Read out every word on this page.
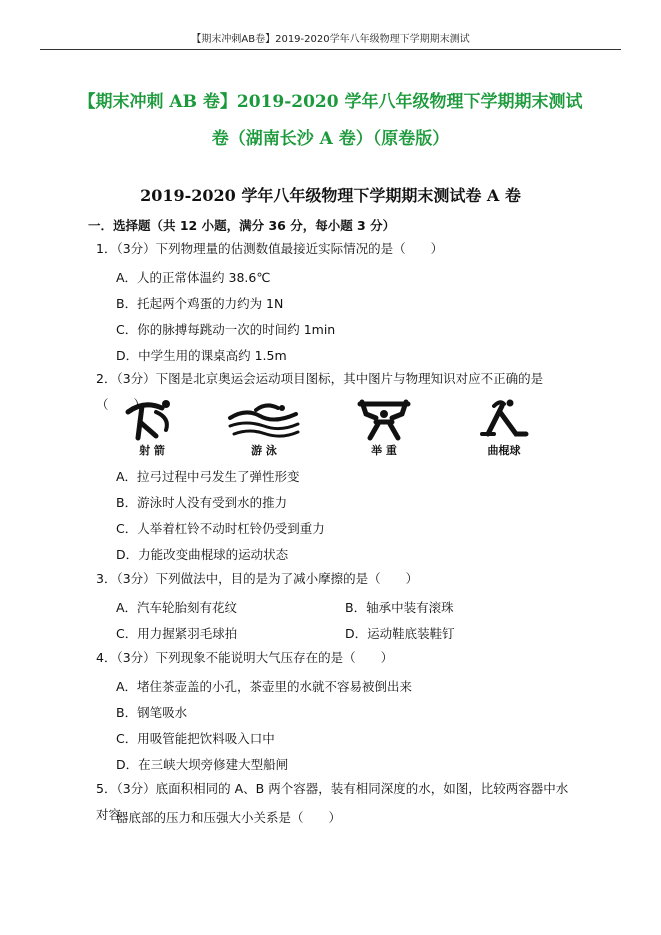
【期末冲刺AB卷】2019-2020学年八年级物理下学期期末测试
【期末冲刺 AB 卷】2019-2020 学年八年级物理下学期期末测试
卷（湖南长沙 A 卷）（原卷版）
2019-2020 学年八年级物理下学期期末测试卷 A 卷
一．选择题（共 12 小题，满分 36 分，每小题 3 分）
1．（3分）下列物理量的估测数值最接近实际情况的是（　　）
A．人的正常体温约 38.6℃
B．托起两个鸡蛋的力约为 1N
C．你的脉搏每跳动一次的时间约 1min
D．中学生用的课桌高约 1.5m
2．（3分）下图是北京奥运会运动项目图标，其中图片与物理知识对应不正确的是（　　）
射 箭	游 泳	举 重	曲棍球
A．拉弓过程中弓发生了弹性形变
B．游泳时人没有受到水的推力
C．人举着杠铃不动时杠铃仍受到重力
D．力能改变曲棍球的运动状态
3．（3分）下列做法中，目的是为了减小摩擦的是（　　）
A．汽车轮胎刻有花纹	B．轴承中装有滚珠
C．用力握紧羽毛球拍	D．运动鞋底装鞋钉
4．（3分）下列现象不能说明大气压存在的是（　　）
A．堵住茶壶盖的小孔，茶壶里的水就不容易被倒出来
B．钢笔吸水
C．用吸管能把饮料吸入口中
D．在三峡大坝旁修建大型船闸
5．（3分）底面积相同的 A、B 两个容器，装有相同深度的水，如图，比较两容器中水对容
器底部的压力和压强大小关系是（　　）
